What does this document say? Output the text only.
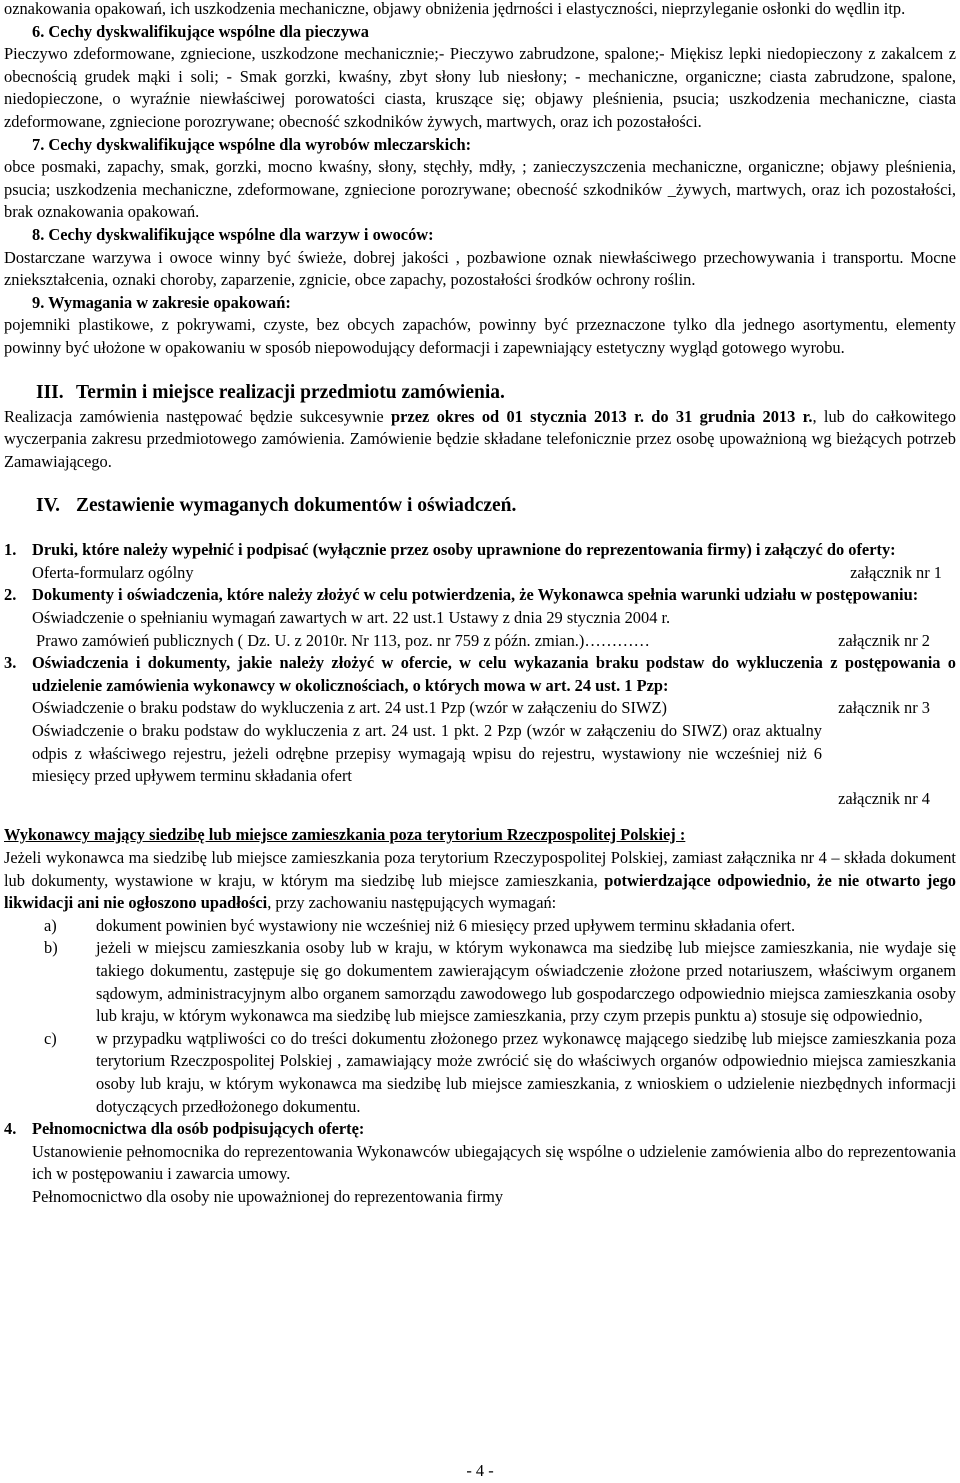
oznakowania opakowań, ich uszkodzenia mechaniczne, objawy obniżenia jędrności i elastyczności, nieprzyleganie osłonki do wędlin itp.

6. Cechy dyskwalifikujące wspólne dla pieczywa

Pieczywo zdeformowane, zgniecione, uszkodzone mechanicznie;- Pieczywo zabrudzone, spalone;- Miękisz lepki niedopieczony z zakalcem z obecnością grudek mąki i soli; - Smak gorzki, kwaśny, zbyt słony lub niesłony; - mechaniczne, organiczne; ciasta zabrudzone, spalone, niedopieczone, o wyraźnie niewłaściwej porowatości ciasta, kruszące się; objawy pleśnienia, psucia; uszkodzenia mechaniczne, ciasta zdeformowane, zgniecione porozrywane; obecność szkodników żywych, martwych, oraz ich pozostałości.

7. Cechy dyskwalifikujące wspólne dla wyrobów mleczarskich:

obce posmaki, zapachy, smak, gorzki, mocno kwaśny, słony, stęchły, mdły, ; zanieczyszczenia mechaniczne, organiczne; objawy pleśnienia, psucia; uszkodzenia mechaniczne, zdeformowane, zgniecione porozrywane; obecność szkodników _żywych, martwych, oraz ich pozostałości, brak oznakowania opakowań.

8. Cechy dyskwalifikujące wspólne dla warzyw i owoców:

Dostarczane warzywa i owoce winny być świeże, dobrej jakości , pozbawione oznak niewłaściwego przechowywania i transportu. Mocne zniekształcenia, oznaki choroby, zaparzenie, zgnicie, obce zapachy, pozostałości środków ochrony roślin.

9. Wymagania w zakresie opakowań:

pojemniki plastikowe, z pokrywami, czyste, bez obcych zapachów, powinny być przeznaczone tylko dla jednego asortymentu, elementy powinny być ułożone w opakowaniu w sposób niepowodujący deformacji i zapewniający estetyczny wygląd gotowego wyrobu.

III. Termin i miejsce realizacji przedmiotu zamówienia.

Realizacja zamówienia następować będzie sukcesywnie przez okres od 01 stycznia 2013 r. do 31 grudnia 2013 r., lub do całkowitego wyczerpania zakresu przedmiotowego zamówienia. Zamówienie będzie składane telefonicznie przez osobę upoważnioną wg bieżących potrzeb Zamawiającego.

IV. Zestawienie wymaganych dokumentów i oświadczeń.

1. Druki, które należy wypełnić i podpisać (wyłącznie przez osoby uprawnione do reprezentowania firmy) i załączyć do oferty:
Oferta-formularz ogólny	załącznik nr 1
2. Dokumenty i oświadczenia, które należy złożyć w celu potwierdzenia, że Wykonawca spełnia warunki udziału w postępowaniu:

Oświadczenie o spełnianiu wymagań zawartych w art. 22 ust.1 Ustawy z dnia 29 stycznia 2004 r.

Prawo zamówień publicznych ( Dz. U. z 2010r. Nr 113, poz. nr 759 z późn. zmian.)…………	załącznik nr 2
3. Oświadczenia i dokumenty, jakie należy złożyć w ofercie, w celu wykazania braku podstaw do wykluczenia z postępowania o udzielenie zamówienia wykonawcy w okolicznościach, o których mowa w art. 24 ust. 1 Pzp:
Oświadczenie o braku podstaw do wykluczenia z art. 24 ust.1 Pzp (wzór w załączeniu do SIWZ)	załącznik nr 3

Oświadczenie o braku podstaw do wykluczenia z art. 24 ust. 1 pkt. 2 Pzp (wzór w załączeniu do SIWZ) oraz aktualny odpis z właściwego rejestru, jeżeli odrębne przepisy wymagają wpisu do rejestru, wystawiony nie wcześniej niż 6 miesięcy przed upływem terminu składania ofert

załącznik nr 4

Wykonawcy mający siedzibę lub miejsce zamieszkania poza terytorium Rzeczpospolitej Polskiej :

Jeżeli wykonawca ma siedzibę lub miejsce zamieszkania poza terytorium Rzeczypospolitej Polskiej, zamiast załącznika nr 4 – składa dokument lub dokumenty, wystawione w kraju, w którym ma siedzibę lub miejsce zamieszkania, potwierdzające odpowiednio, że nie otwarto jego likwidacji ani nie ogłoszono upadłości, przy zachowaniu następujących wymagań:

a)	dokument powinien być wystawiony nie wcześniej niż 6 miesięcy przed upływem terminu składania ofert.
b)	jeżeli w miejscu zamieszkania osoby lub w kraju, w którym wykonawca ma siedzibę lub miejsce zamieszkania, nie wydaje się takiego dokumentu, zastępuje się go dokumentem zawierającym oświadczenie złożone przed notariuszem, właściwym organem sądowym, administracyjnym albo organem samorządu zawodowego lub gospodarczego odpowiednio miejsca zamieszkania osoby lub kraju, w którym wykonawca ma siedzibę lub miejsce zamieszkania, przy czym przepis punktu a) stosuje się odpowiednio,
c)	w przypadku wątpliwości co do treści dokumentu złożonego przez wykonawcę mającego siedzibę lub miejsce zamieszkania poza terytorium Rzeczpospolitej Polskiej , zamawiający może zwrócić się do właściwych organów odpowiednio miejsca zamieszkania osoby lub kraju, w którym wykonawca ma siedzibę lub miejsce zamieszkania, z wnioskiem o udzielenie niezbędnych informacji dotyczących przedłożonego dokumentu.
4. Pełnomocnictwa dla osób podpisujących ofertę:

Ustanowienie pełnomocnika do reprezentowania Wykonawców ubiegających się wspólne o udzielenie zamówienia albo do reprezentowania ich w postępowaniu i zawarcia umowy.

Pełnomocnictwo dla osoby nie upoważnionej do reprezentowania firmy

- 4 -
